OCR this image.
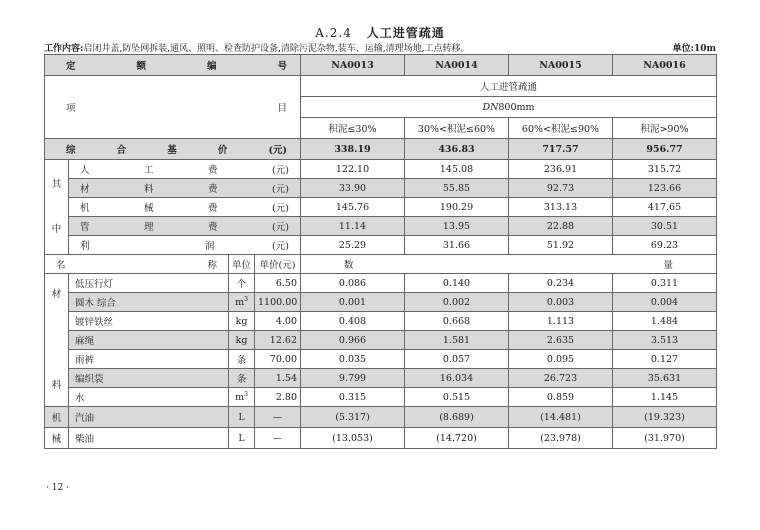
A.2.4 人工进管疏通
工作内容:启闭井盖,防坠网拆装,通风、照明、检查防护设备,清除污泥杂物,装车、运输,清理场地,工点转移。	单位:10m
定 额 编 号				NA0013	NA0014	NA0015	NA0016

项 目				人工进管疏通			
				DN800mm			
				积泥≤30%	30%<积泥≤60%	60%<积泥≤90%	积泥>90%

综 合 基 价 (元)				338.19	436.83	717.57	956.77
其

中	人 工 费 (元)			122.10	145.08	236.91	315.72

	材 料 费 (元)			33.90	55.85	92.73	123.66

	机 械 费 (元)			145.76	190.29	313.13	417.65

	管 理 费 (元)			11.14	13.95	22.88	30.51

	利 润 (元)			25.29	31.66	51.92	69.23

名 称		单位	单价(元)	数 量			

材

料	低压行灯	个	6.50	0.086	0.140	0.234	0.311
	圆木 综合	$m^3$	1100.00	0.001	0.002	0.003	0.004
	镀锌铁丝	kg	4.00	0.408	0.668	1.113	1.484
	麻绳	kg	12.62	0.966	1.581	2.635	3.513
	雨裤	条	70.00	0.035	0.057	0.095	0.127
	编织袋	条	1.54	9.799	16.034	26.723	35.631
	水	$m^3$	2.80	0.315	0.515	0.859	1.145
机	汽油	L	—	(5.317)	(8.689)	(14.481)	(19.323)
械	柴油	L	—	(13.053)	(14.720)	(23.978)	(31.970)
· 12 ·
